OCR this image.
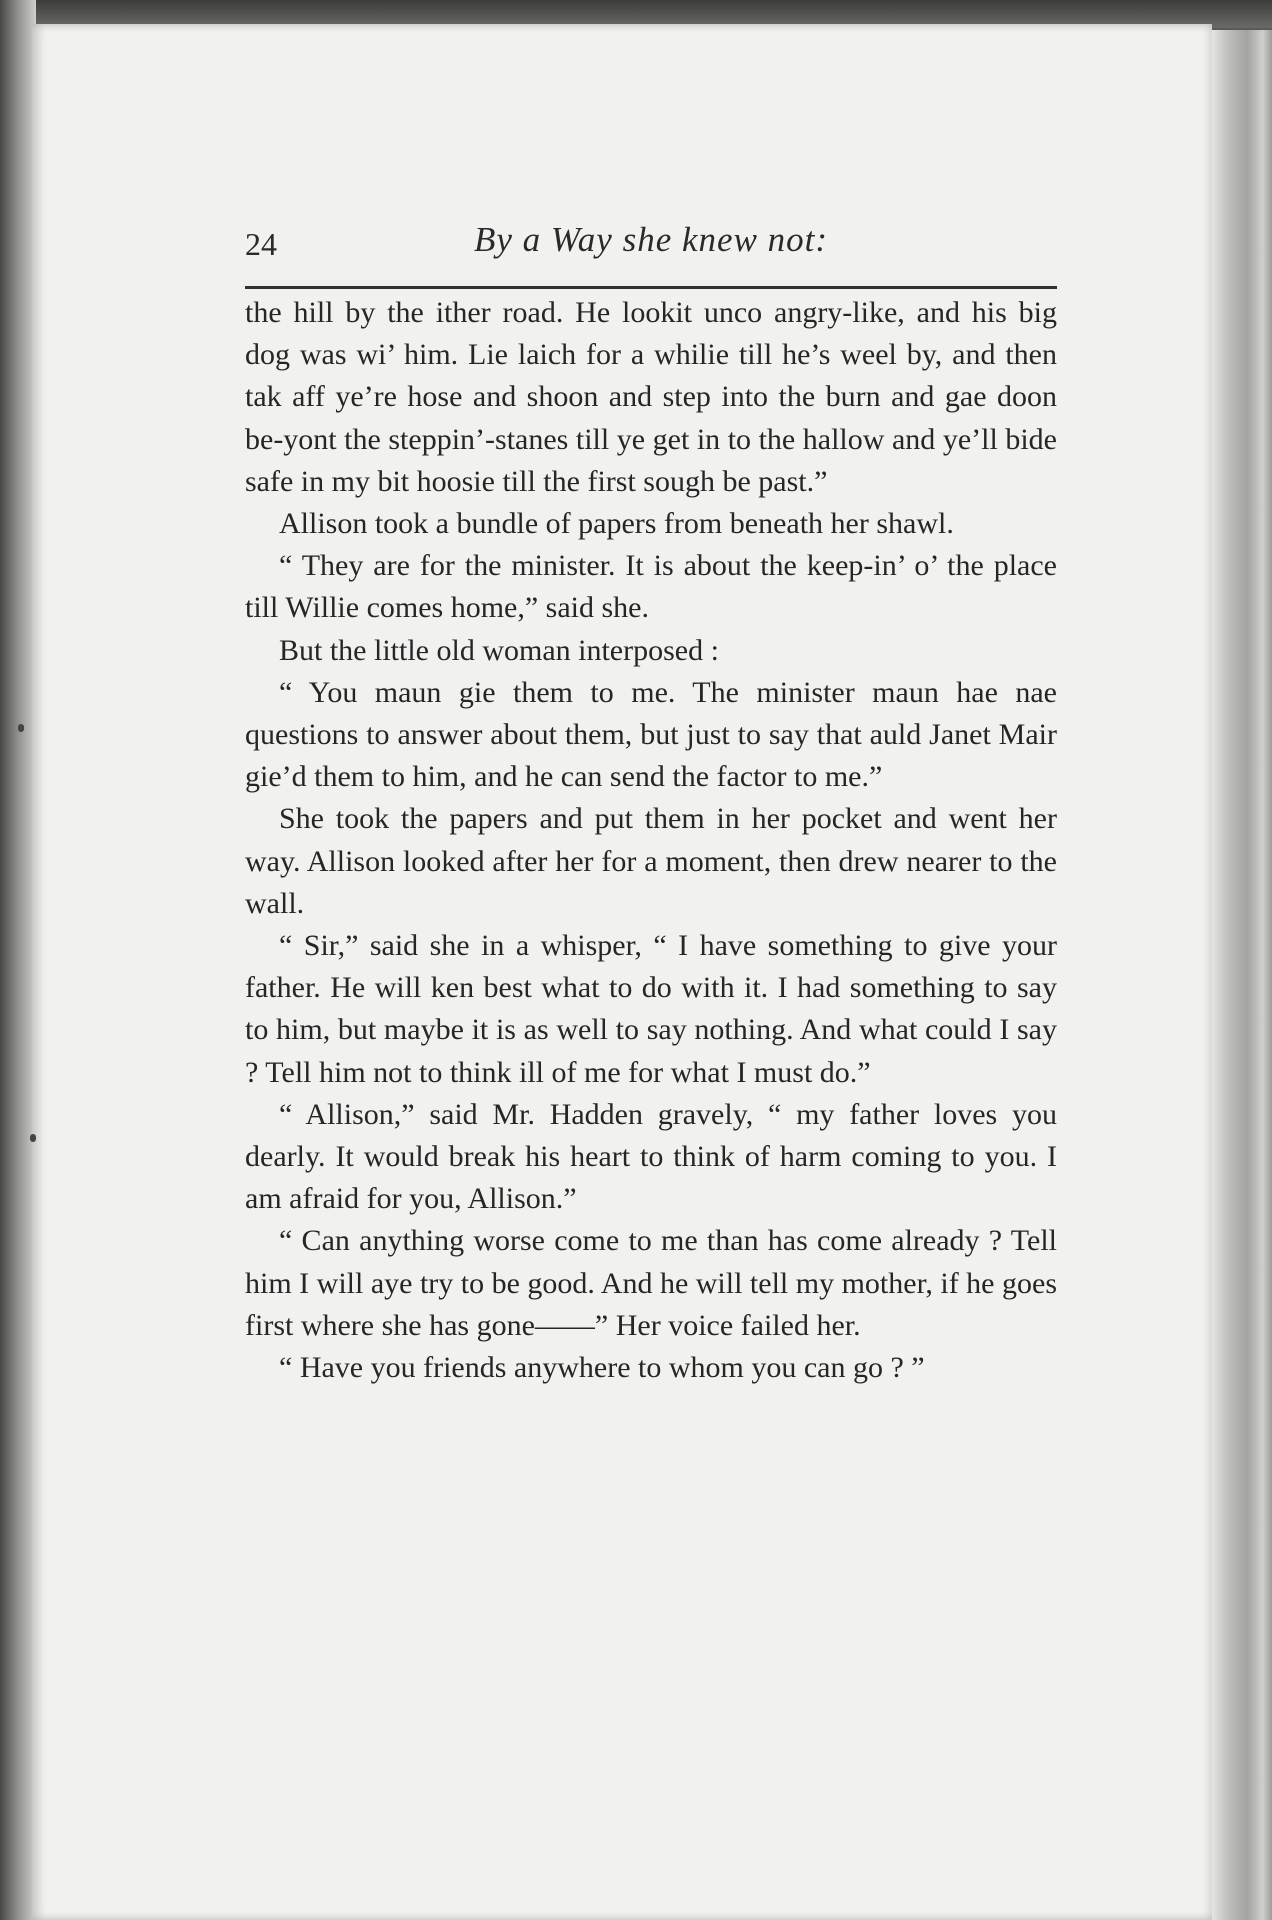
24	By a Way she knew not:

the hill by the ither road. He lookit unco angry-like, and his big dog was wi’ him. Lie laich for a whilie till he’s weel by, and then tak aff ye’re hose and shoon and step into the burn and gae doon be-yont the steppin’-stanes till ye get in to the hallow and ye’ll bide safe in my bit hoosie till the first sough be past.”

Allison took a bundle of papers from beneath her shawl.

“ They are for the minister. It is about the keep-in’ o’ the place till Willie comes home,” said she.

But the little old woman interposed :

“ You maun gie them to me. The minister maun hae nae questions to answer about them, but just to say that auld Janet Mair gie’d them to him, and he can send the factor to me.”

She took the papers and put them in her pocket and went her way. Allison looked after her for a moment, then drew nearer to the wall.

“ Sir,” said she in a whisper, “ I have something to give your father. He will ken best what to do with it. I had something to say to him, but maybe it is as well to say nothing. And what could I say ? Tell him not to think ill of me for what I must do.”

“ Allison,” said Mr. Hadden gravely, “ my father loves you dearly. It would break his heart to think of harm coming to you. I am afraid for you, Allison.”

“ Can anything worse come to me than has come already ? Tell him I will aye try to be good. And he will tell my mother, if he goes first where she has gone——” Her voice failed her.

“ Have you friends anywhere to whom you can go ? ”
